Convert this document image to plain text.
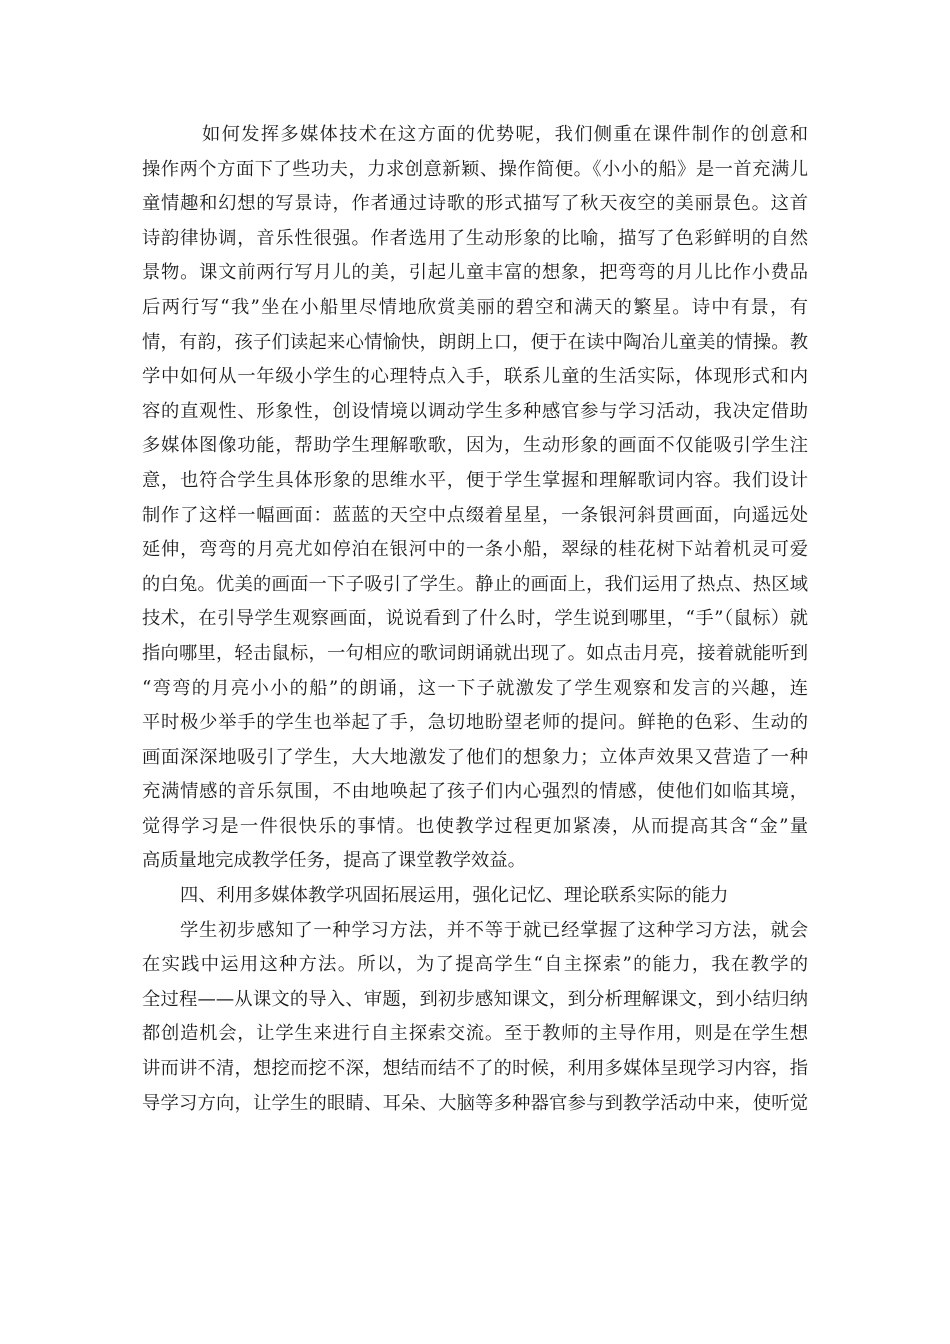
如何发挥多媒体技术在这方面的优势呢，我们侧重在课件制作的创意和
操作两个方面下了些功夫，力求创意新颖、操作简便。《小小的船》是一首充满儿
童情趣和幻想的写景诗，作者通过诗歌的形式描写了秋天夜空的美丽景色。这首
诗韵律协调，音乐性很强。作者选用了生动形象的比喻，描写了色彩鲜明的自然
景物。课文前两行写月儿的美，引起儿童丰富的想象，把弯弯的月儿比作小费品
后两行写“我”坐在小船里尽情地欣赏美丽的碧空和满天的繁星。诗中有景，有
情，有韵，孩子们读起来心情愉快，朗朗上口，便于在读中陶冶儿童美的情操。教
学中如何从一年级小学生的心理特点入手，联系儿童的生活实际，体现形式和内
容的直观性、形象性，创设情境以调动学生多种感官参与学习活动，我决定借助
多媒体图像功能，帮助学生理解歌歌，因为，生动形象的画面不仅能吸引学生注
意，也符合学生具体形象的思维水平，便于学生掌握和理解歌词内容。我们设计
制作了这样一幅画面：蓝蓝的天空中点缀着星星，一条银河斜贯画面，向遥远处
延伸，弯弯的月亮尤如停泊在银河中的一条小船，翠绿的桂花树下站着机灵可爱
的白兔。优美的画面一下子吸引了学生。静止的画面上，我们运用了热点、热区域
技术，在引导学生观察画面，说说看到了什么时，学生说到哪里，“手”（鼠标）就
指向哪里，轻击鼠标，一句相应的歌词朗诵就出现了。如点击月亮，接着就能听到
“弯弯的月亮小小的船”的朗诵，这一下子就激发了学生观察和发言的兴趣，连
平时极少举手的学生也举起了手，急切地盼望老师的提问。鲜艳的色彩、生动的
画面深深地吸引了学生，大大地激发了他们的想象力；立体声效果又营造了一种
充满情感的音乐氛围，不由地唤起了孩子们内心强烈的情感，使他们如临其境，
觉得学习是一件很快乐的事情。也使教学过程更加紧凑，从而提高其含“金”量
高质量地完成教学任务，提高了课堂教学效益。
四、利用多媒体教学巩固拓展运用，强化记忆、理论联系实际的能力
学生初步感知了一种学习方法，并不等于就已经掌握了这种学习方法，就会
在实践中运用这种方法。所以，为了提高学生“自主探索”的能力，我在教学的
全过程——从课文的导入、审题，到初步感知课文，到分析理解课文，到小结归纳
都创造机会，让学生来进行自主探索交流。至于教师的主导作用，则是在学生想
讲而讲不清，想挖而挖不深，想结而结不了的时候，利用多媒体呈现学习内容，指
导学习方向，让学生的眼睛、耳朵、大脑等多种器官参与到教学活动中来，使听觉
